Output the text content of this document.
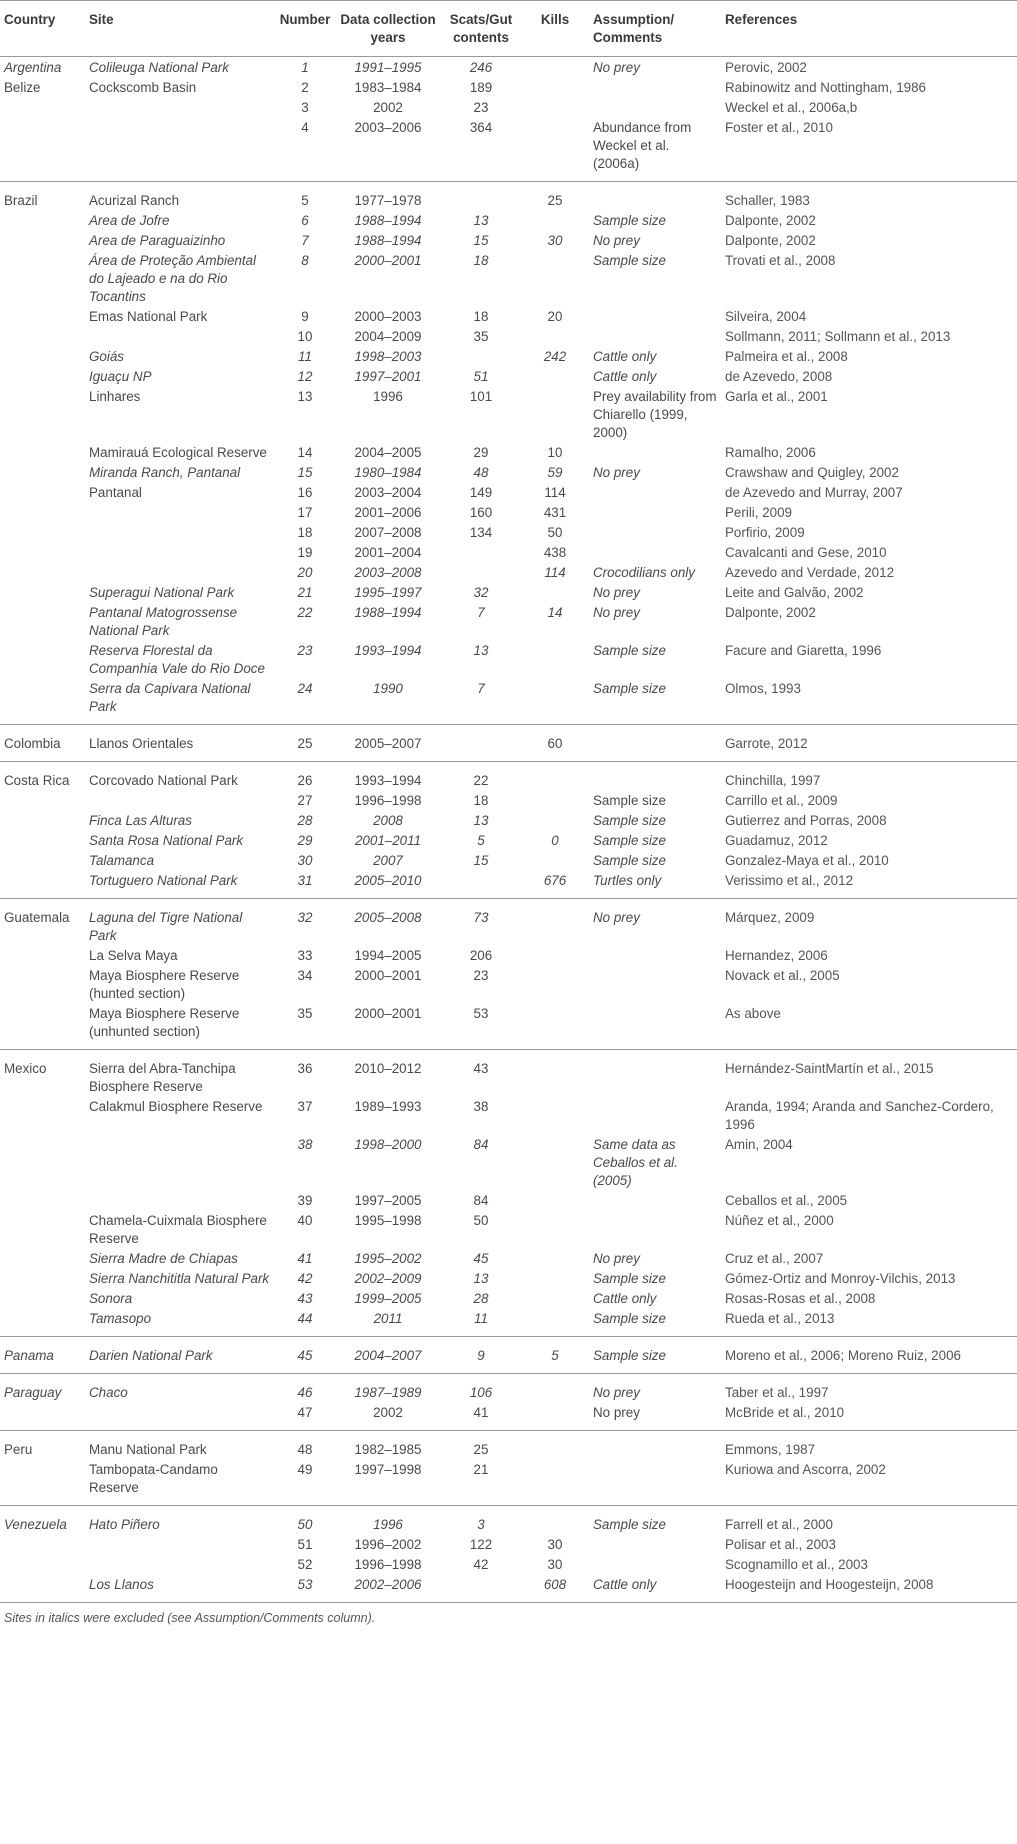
Country	Site	Number	Data collection years	Scats/Gut contents	Kills	Assumption/ Comments	References
Argentina	Colileuga National Park	1	1991–1995	246		No prey	Perovic, 2002
Belize	Cockscomb Basin	2	1983–1984	189			Rabinowitz and Nottingham, 1986
		3	2002	23			Weckel et al., 2006a,b
		4	2003–2006	364		Abundance from Weckel et al. (2006a)	Foster et al., 2010
Brazil	Acurizal Ranch	5	1977–1978		25		Schaller, 1983
	Area de Jofre	6	1988–1994	13		Sample size	Dalponte, 2002
	Area de Paraguaizinho	7	1988–1994	15	30	No prey	Dalponte, 2002
	Área de Proteção Ambiental do Lajeado e na do Rio Tocantins	8	2000–2001	18		Sample size	Trovati et al., 2008
	Emas National Park	9	2000–2003	18	20		Silveira, 2004
		10	2004–2009	35			Sollmann, 2011; Sollmann et al., 2013
	Goiás	11	1998–2003		242	Cattle only	Palmeira et al., 2008
	Iguaçu NP	12	1997–2001	51		Cattle only	de Azevedo, 2008
	Linhares	13	1996	101		Prey availability from Chiarello (1999, 2000)	Garla et al., 2001
	Mamirauá Ecological Reserve	14	2004–2005	29	10		Ramalho, 2006
	Miranda Ranch, Pantanal	15	1980–1984	48	59	No prey	Crawshaw and Quigley, 2002
	Pantanal	16	2003–2004	149	114		de Azevedo and Murray, 2007
		17	2001–2006	160	431		Perili, 2009
		18	2007–2008	134	50		Porfirio, 2009
		19	2001–2004		438		Cavalcanti and Gese, 2010
		20	2003–2008		114	Crocodilians only	Azevedo and Verdade, 2012
	Superagui National Park	21	1995–1997	32		No prey	Leite and Galvão, 2002
	Pantanal Matogrossense National Park	22	1988–1994	7	14	No prey	Dalponte, 2002
	Reserva Florestal da Companhia Vale do Rio Doce	23	1993–1994	13		Sample size	Facure and Giaretta, 1996
	Serra da Capivara National Park	24	1990	7		Sample size	Olmos, 1993
Colombia	Llanos Orientales	25	2005–2007		60		Garrote, 2012
Costa Rica	Corcovado National Park	26	1993–1994	22			Chinchilla, 1997
		27	1996–1998	18		Sample size	Carrillo et al., 2009
	Finca Las Alturas	28	2008	13		Sample size	Gutierrez and Porras, 2008
	Santa Rosa National Park	29	2001–2011	5	0	Sample size	Guadamuz, 2012
	Talamanca	30	2007	15		Sample size	Gonzalez-Maya et al., 2010
	Tortuguero National Park	31	2005–2010		676	Turtles only	Verissimo et al., 2012
Guatemala	Laguna del Tigre National Park	32	2005–2008	73		No prey	Márquez, 2009
	La Selva Maya	33	1994–2005	206			Hernandez, 2006
	Maya Biosphere Reserve (hunted section)	34	2000–2001	23			Novack et al., 2005
	Maya Biosphere Reserve (unhunted section)	35	2000–2001	53			As above
Mexico	Sierra del Abra-Tanchipa Biosphere Reserve	36	2010–2012	43			Hernández-SaintMartín et al., 2015
	Calakmul Biosphere Reserve	37	1989–1993	38			Aranda, 1994; Aranda and Sanchez-Cordero, 1996
		38	1998–2000	84		Same data as Ceballos et al. (2005)	Amin, 2004
		39	1997–2005	84			Ceballos et al., 2005
	Chamela-Cuixmala Biosphere Reserve	40	1995–1998	50			Núñez et al., 2000
	Sierra Madre de Chiapas	41	1995–2002	45		No prey	Cruz et al., 2007
	Sierra Nanchititla Natural Park	42	2002–2009	13		Sample size	Gómez-Ortiz and Monroy-Vilchis, 2013
	Sonora	43	1999–2005	28		Cattle only	Rosas-Rosas et al., 2008
	Tamasopo	44	2011	11		Sample size	Rueda et al., 2013
Panama	Darien National Park	45	2004–2007	9	5	Sample size	Moreno et al., 2006; Moreno Ruiz, 2006
Paraguay	Chaco	46	1987–1989	106		No prey	Taber et al., 1997
		47	2002	41		No prey	McBride et al., 2010
Peru	Manu National Park	48	1982–1985	25			Emmons, 1987
	Tambopata-Candamo Reserve	49	1997–1998	21			Kuriowa and Ascorra, 2002
Venezuela	Hato Piñero	50	1996	3		Sample size	Farrell et al., 2000
		51	1996–2002	122	30		Polisar et al., 2003
		52	1996–1998	42	30		Scognamillo et al., 2003
	Los Llanos	53	2002–2006		608	Cattle only	Hoogesteijn and Hoogesteijn, 2008
Sites in italics were excluded (see Assumption/Comments column).
